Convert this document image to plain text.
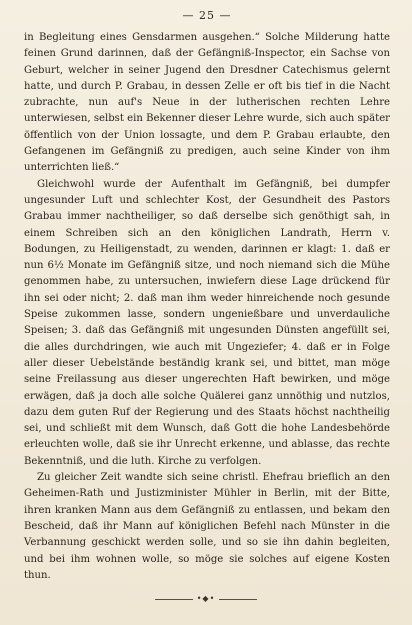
— 25 —

in Begleitung eines Gensdarmen ausgehen.“ Solche Milderung hatte feinen Grund darinnen, daß der Gefängniß-Inspector, ein Sachse von Geburt, welcher in seiner Jugend den Dresdner Catechismus gelernt hatte, und durch P. Grabau, in dessen Zelle er oft bis tief in die Nacht zubrachte, nun auf's Neue in der lutherischen rechten Lehre unterwiesen, selbst ein Bekenner dieser Lehre wurde, sich auch später öffentlich von der Union lossagte, und dem P. Grabau erlaubte, den Gefangenen im Gefängniß zu predigen, auch seine Kinder von ihm unterrichten ließ.“

Gleichwohl wurde der Aufenthalt im Gefängniß, bei dumpfer ungesunder Luft und schlechter Kost, der Gesundheit des Pastors Grabau immer nachtheiliger, so daß derselbe sich genöthigt sah, in einem Schreiben sich an den königlichen Landrath, Herrn v. Bodungen, zu Heiligenstadt, zu wenden, darinnen er klagt: 1. daß er nun 6½ Monate im Gefängniß sitze, und noch niemand sich die Mühe genommen habe, zu untersuchen, inwiefern diese Lage drückend für ihn sei oder nicht; 2. daß man ihm weder hinreichende noch gesunde Speise zukommen lasse, sondern ungenießbare und unverdauliche Speisen; 3. daß das Gefängniß mit ungesunden Dünsten angefüllt sei, die alles durchdringen, wie auch mit Ungeziefer; 4. daß er in Folge aller dieser Uebelstände beständig krank sei, und bittet, man möge seine Freilassung aus dieser ungerechten Haft bewirken, und möge erwägen, daß ja doch alle solche Quälerei ganz unnöthig und nutzlos, dazu dem guten Ruf der Regierung und des Staats höchst nachtheilig sei, und schließt mit dem Wunsch, daß Gott die hohe Landesbehörde erleuchten wolle, daß sie ihr Unrecht erkenne, und ablasse, das rechte Bekenntniß, und die luth. Kirche zu verfolgen.

Zu gleicher Zeit wandte sich seine christl. Ehefrau brieflich an den Geheimen-Rath und Justizminister Mühler in Berlin, mit der Bitte, ihren kranken Mann aus dem Gefängniß zu entlassen, und bekam den Bescheid, daß ihr Mann auf königlichen Befehl nach Münster in die Verbannung geschickt werden solle, und so sie ihn dahin begleiten, und bei ihm wohnen wolle, so möge sie solches auf eigene Kosten thun.

•◆•
